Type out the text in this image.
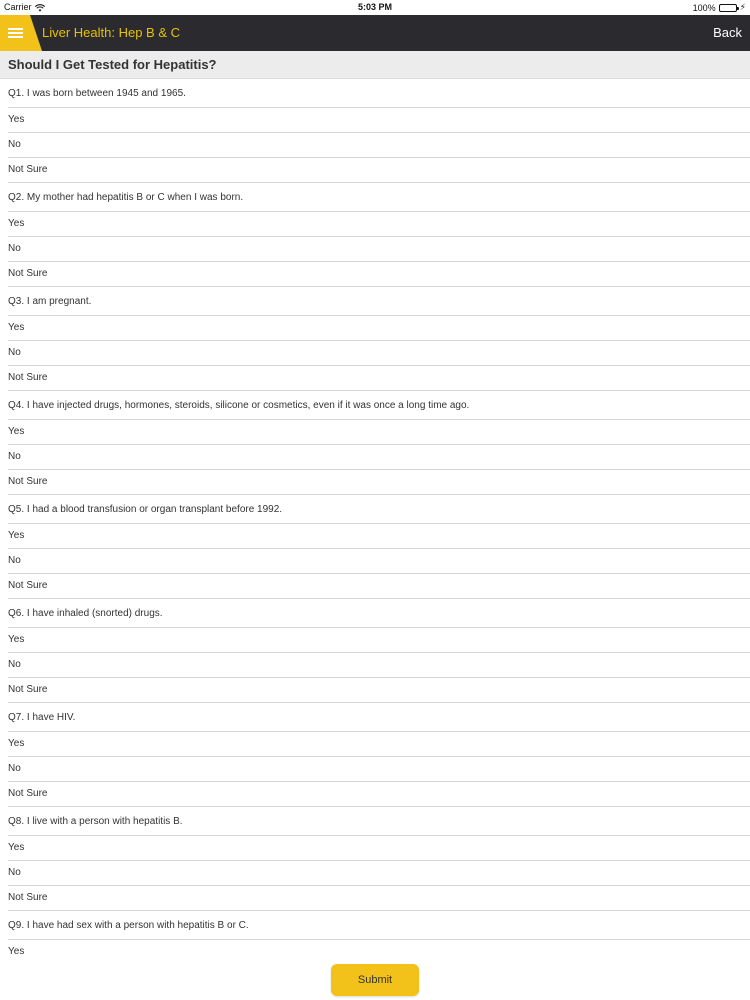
Carrier	5:03 PM	100%	⚡
Liver Health: Hep B & C	Back
Should I Get Tested for Hepatitis?
Q1. I was born between 1945 and 1965.
Yes
No
Not Sure
Q2. My mother had hepatitis B or C when I was born.
Yes
No
Not Sure
Q3. I am pregnant.
Yes
No
Not Sure
Q4. I have injected drugs, hormones, steroids, silicone or cosmetics, even if it was once a long time ago.
Yes
No
Not Sure
Q5. I had a blood transfusion or organ transplant before 1992.
Yes
No
Not Sure
Q6. I have inhaled (snorted) drugs.
Yes
No
Not Sure
Q7. I have HIV.
Yes
No
Not Sure
Q8. I live with a person with hepatitis B.
Yes
No
Not Sure
Q9. I have had sex with a person with hepatitis B or C.
Yes
Submit
